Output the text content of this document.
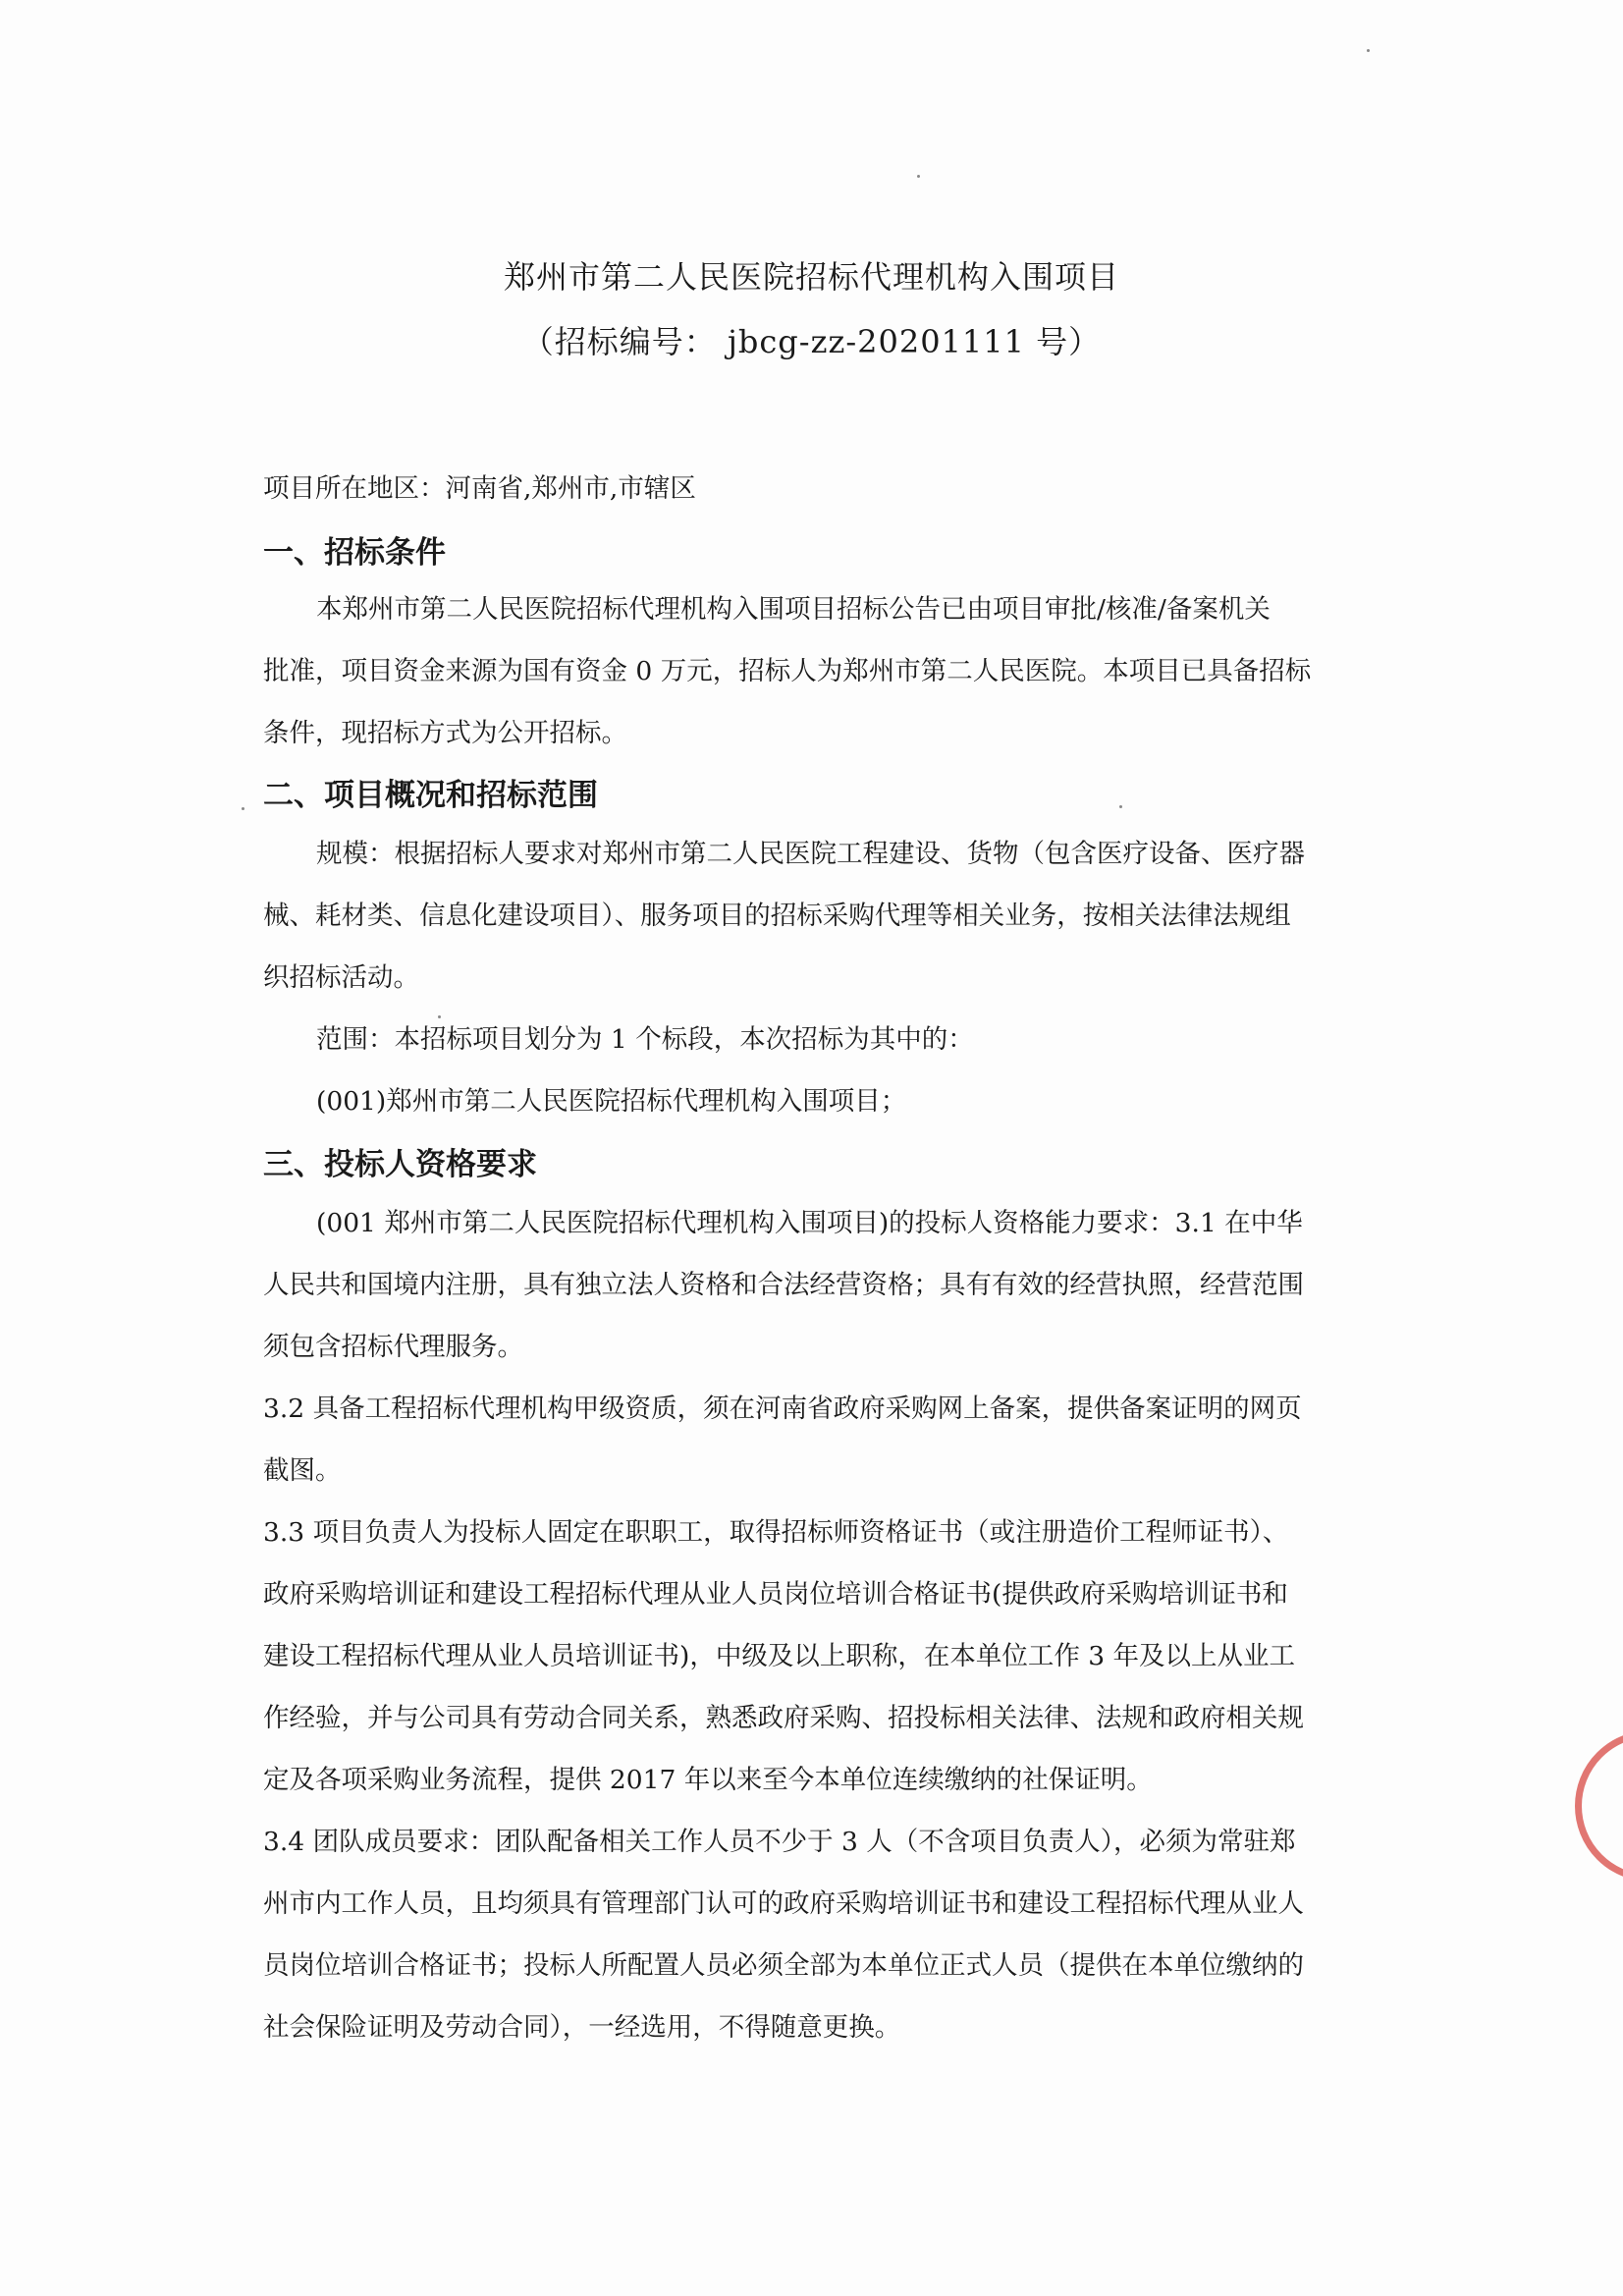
郑州市第二人民医院招标代理机构入围项目
（招标编号： jbcg-zz-20201111 号）
项目所在地区：河南省,郑州市,市辖区
一、招标条件
本郑州市第二人民医院招标代理机构入围项目招标公告已由项目审批/核准/备案机关
批准，项目资金来源为国有资金 0 万元，招标人为郑州市第二人民医院。本项目已具备招标
条件，现招标方式为公开招标。
二、项目概况和招标范围
规模：根据招标人要求对郑州市第二人民医院工程建设、货物（包含医疗设备、医疗器
械、耗材类、信息化建设项目）、服务项目的招标采购代理等相关业务，按相关法律法规组
织招标活动。
范围：本招标项目划分为 1 个标段，本次招标为其中的：
(001)郑州市第二人民医院招标代理机构入围项目；
三、投标人资格要求
(001 郑州市第二人民医院招标代理机构入围项目)的投标人资格能力要求：3.1 在中华
人民共和国境内注册，具有独立法人资格和合法经营资格；具有有效的经营执照，经营范围
须包含招标代理服务。
3.2 具备工程招标代理机构甲级资质，须在河南省政府采购网上备案，提供备案证明的网页
截图。
3.3 项目负责人为投标人固定在职职工，取得招标师资格证书（或注册造价工程师证书）、
政府采购培训证和建设工程招标代理从业人员岗位培训合格证书(提供政府采购培训证书和
建设工程招标代理从业人员培训证书)，中级及以上职称，在本单位工作 3 年及以上从业工
作经验，并与公司具有劳动合同关系，熟悉政府采购、招投标相关法律、法规和政府相关规
定及各项采购业务流程，提供 2017 年以来至今本单位连续缴纳的社保证明。
3.4 团队成员要求：团队配备相关工作人员不少于 3 人（不含项目负责人），必须为常驻郑
州市内工作人员，且均须具有管理部门认可的政府采购培训证书和建设工程招标代理从业人
员岗位培训合格证书；投标人所配置人员必须全部为本单位正式人员（提供在本单位缴纳的
社会保险证明及劳动合同），一经选用，不得随意更换。
